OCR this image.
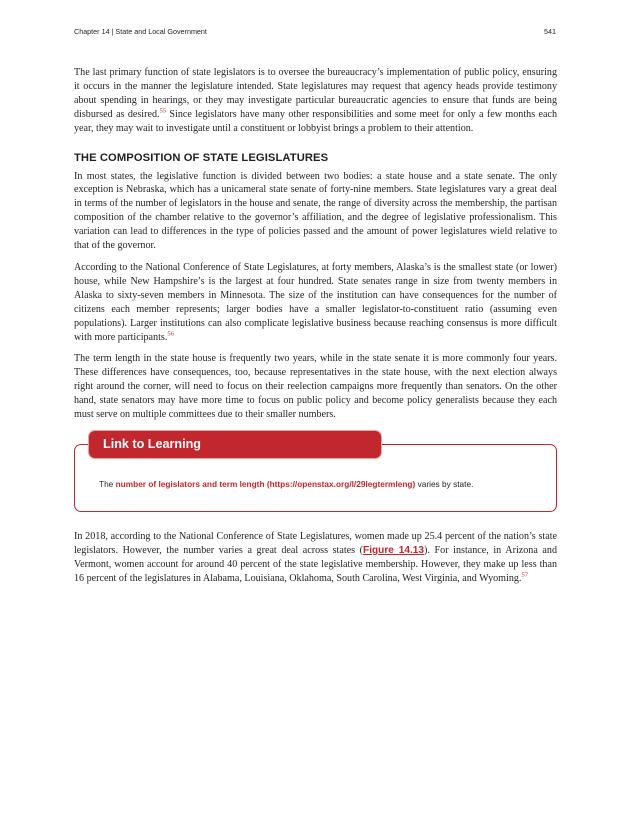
Chapter 14 | State and Local Government	541

The last primary function of state legislators is to oversee the bureaucracy’s implementation of public policy, ensuring it occurs in the manner the legislature intended. State legislatures may request that agency heads provide testimony about spending in hearings, or they may investigate particular bureaucratic agencies to ensure that funds are being disbursed as desired.$^{55}$ Since legislators have many other responsibilities and some meet for only a few months each year, they may wait to investigate until a constituent or lobbyist brings a problem to their attention.

THE COMPOSITION OF STATE LEGISLATURES

In most states, the legislative function is divided between two bodies: a state house and a state senate. The only exception is Nebraska, which has a unicameral state senate of forty-nine members. State legislatures vary a great deal in terms of the number of legislators in the house and senate, the range of diversity across the membership, the partisan composition of the chamber relative to the governor’s affiliation, and the degree of legislative professionalism. This variation can lead to differences in the type of policies passed and the amount of power legislatures wield relative to that of the governor.

According to the National Conference of State Legislatures, at forty members, Alaska’s is the smallest state (or lower) house, while New Hampshire’s is the largest at four hundred. State senates range in size from twenty members in Alaska to sixty-seven members in Minnesota. The size of the institution can have consequences for the number of citizens each member represents; larger bodies have a smaller legislator-to-constituent ratio (assuming even populations). Larger institutions can also complicate legislative business because reaching consensus is more difficult with more participants.$^{56}$

The term length in the state house is frequently two years, while in the state senate it is more commonly four years. These differences have consequences, too, because representatives in the state house, with the next election always right around the corner, will need to focus on their reelection campaigns more frequently than senators. On the other hand, state senators may have more time to focus on public policy and become policy generalists because they each must serve on multiple committees due to their smaller numbers.

Link to Learning
The number of legislators and term length (https://openstax.org/l/29legtermleng) varies by state.

In 2018, according to the National Conference of State Legislatures, women made up 25.4 percent of the nation’s state legislators. However, the number varies a great deal across states (Figure 14.13). For instance, in Arizona and Vermont, women account for around 40 percent of the state legislative membership. However, they make up less than 16 percent of the legislatures in Alabama, Louisiana, Oklahoma, South Carolina, West Virginia, and Wyoming.$^{57}$
